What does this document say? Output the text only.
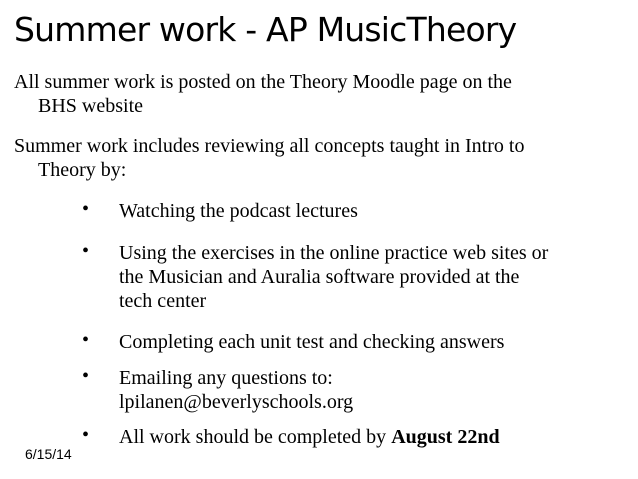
Summer work - AP MusicTheory
All summer work is posted on the Theory Moodle page on the
BHS website
Summer work includes reviewing all concepts taught in Intro to
Theory by:
• Watching the podcast lectures
• Using the exercises in the online practice web sites or
the Musician and Auralia software provided at the
tech center
• Completing each unit test and checking answers
• Emailing any questions to:
lpilanen@beverlyschools.org
• All work should be completed by August 22nd
6/15/14
